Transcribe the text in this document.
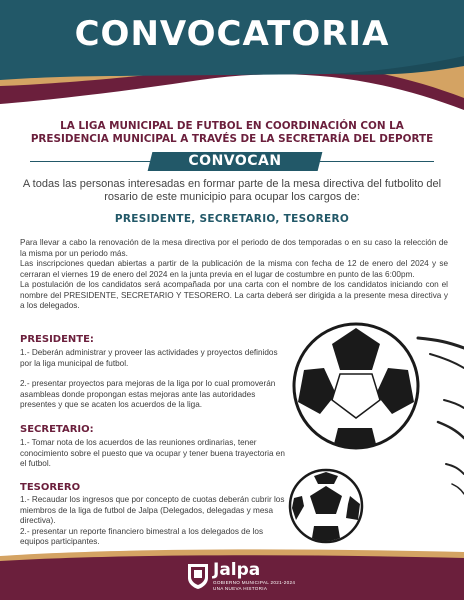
CONVOCATORIA
LA LIGA MUNICIPAL DE FUTBOL EN COORDINACIÓN CON LA
PRESIDENCIA MUNICIPAL A TRAVÉS DE LA SECRETARÍA DEL DEPORTE
CONVOCAN
A todas las personas interesadas en formar parte de la mesa directiva del futbolito del rosario de este municipio para ocupar los cargos de:
PRESIDENTE, SECRETARIO, TESORERO

Para llevar a cabo la renovación de la mesa directiva por el periodo de dos temporadas o en su caso la relección de la misma por un periodo más.

Las inscripciones quedan abiertas a partir de la publicación de la misma con fecha de 12 de enero del 2024 y se cerraran el viernes 19 de enero del 2024 en la junta previa en el lugar de costumbre en punto de las 6:00pm.

La postulación de los candidatos será acompañada por una carta con el nombre de los candidatos iniciando con el nombre del PRESIDENTE, SECRETARIO Y TESORERO. La carta deberá ser dirigida a la presente mesa directiva y a los delegados.

PRESIDENTE:

1.- Deberán administrar y proveer las actividades y proyectos definidos por la liga municipal de futbol.

2.- presentar proyectos para mejoras de la liga por lo cual promoverán asambleas donde propongan estas mejoras ante las autoridades presentes y que se acaten los acuerdos de la liga.

SECRETARIO:

1.- Tomar nota de los acuerdos de las reuniones ordinarias, tener conocimiento sobre el puesto que va ocupar y tener buena trayectoria en el futbol.

TESORERO

1.- Recaudar los ingresos que por concepto de cuotas deberán cubrir los miembros de la liga de futbol de Jalpa (Delegados, delegadas y mesa directiva).

2.- presentar un reporte financiero bimestral a los delegados de los equipos participantes.

Jalpa
GOBIERNO MUNICIPAL 2021-2024
UNA NUEVA HISTORIA
